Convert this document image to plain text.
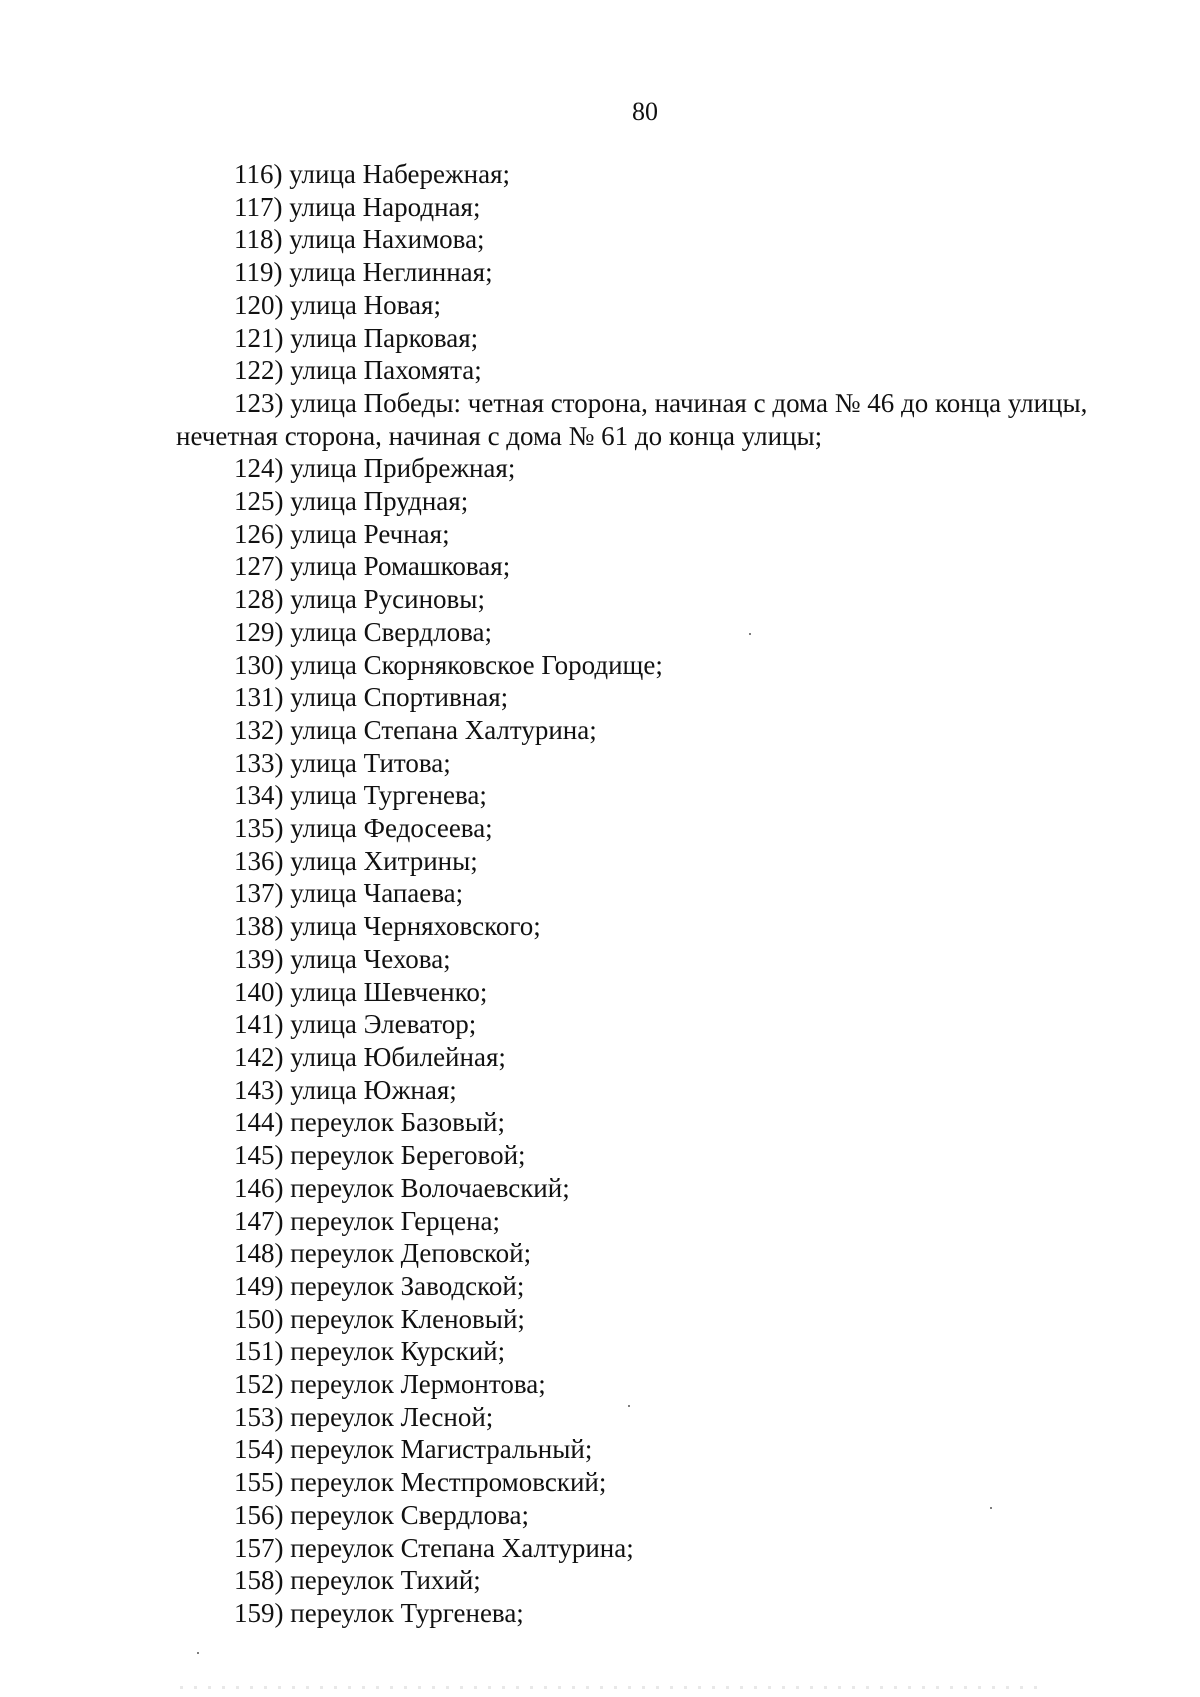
80
116) улица Набережная;
117) улица Народная;
118) улица Нахимова;
119) улица Неглинная;
120) улица Новая;
121) улица Парковая;
122) улица Пахомята;
123) улица Победы: четная сторона, начиная с дома № 46 до конца улицы,
нечетная сторона, начиная с дома № 61 до конца улицы;
124) улица Прибрежная;
125) улица Прудная;
126) улица Речная;
127) улица Ромашковая;
128) улица Русиновы;
129) улица Свердлова;
130) улица Скорняковское Городище;
131) улица Спортивная;
132) улица Степана Халтурина;
133) улица Титова;
134) улица Тургенева;
135) улица Федосеева;
136) улица Хитрины;
137) улица Чапаева;
138) улица Черняховского;
139) улица Чехова;
140) улица Шевченко;
141) улица Элеватор;
142) улица Юбилейная;
143) улица Южная;
144) переулок Базовый;
145) переулок Береговой;
146) переулок Волочаевский;
147) переулок Герцена;
148) переулок Деповской;
149) переулок Заводской;
150) переулок Кленовый;
151) переулок Курский;
152) переулок Лермонтова;
153) переулок Лесной;
154) переулок Магистральный;
155) переулок Местпромовский;
156) переулок Свердлова;
157) переулок Степана Халтурина;
158) переулок Тихий;
159) переулок Тургенева;
